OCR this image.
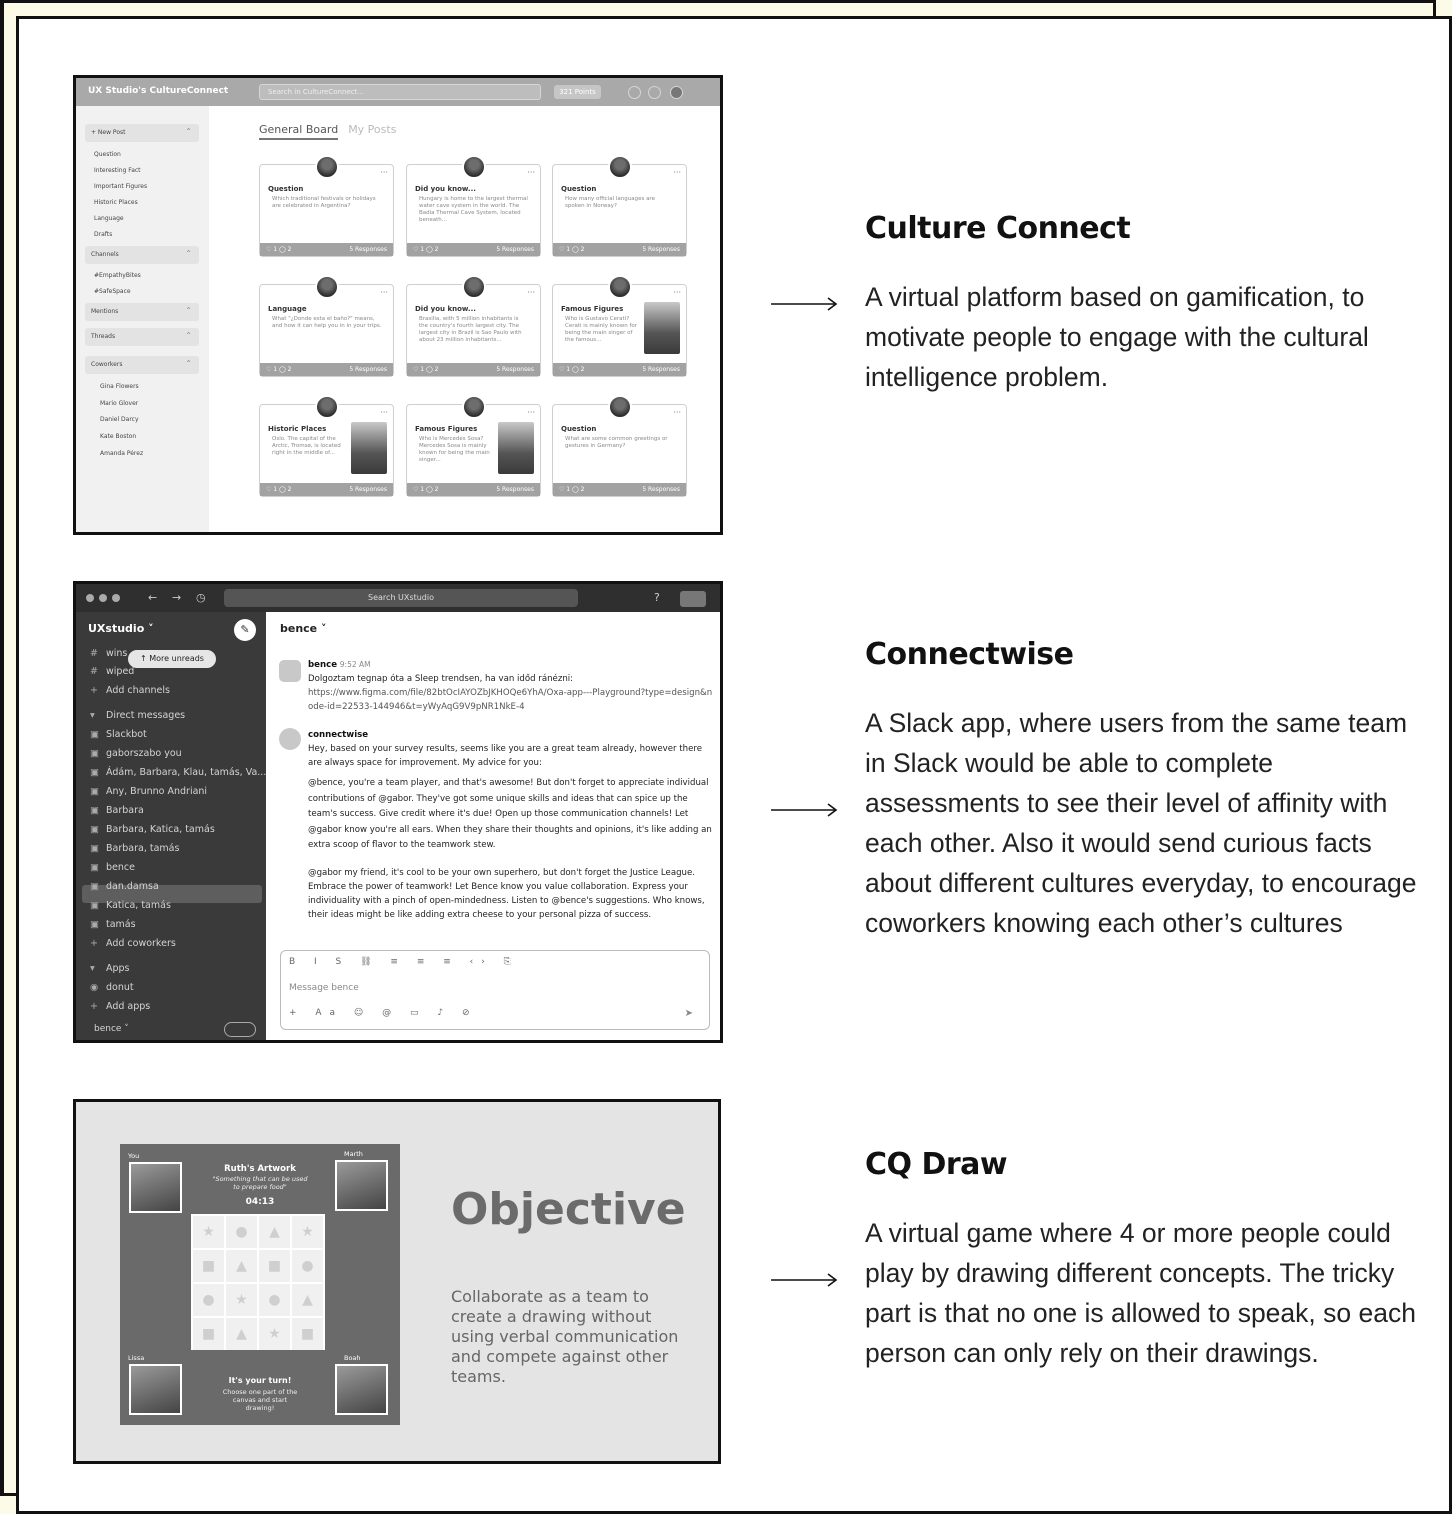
UX Studio's CultureConnect	Search in CultureConnect...	321 Points
+ New Post ⌃
Question
Interesting Fact
Important Figures
Historic Places
Language
Drafts
Channels ⌃
#EmpathyBites
#SafeSpace
Mentions ⌃
Threads ⌃
Coworkers ⌃
Gina Flowers
Mario Glover
Daniel Darcy
Kate Boston
Amanda Pérez
General Board My Posts
···
Question
Which traditional festivals or holidays are celebrated in Argentina?
♡ 1 ◯ 2	5 Responses
···
Did you know...
Hungary is home to the largest thermal water cave system in the world. The Badia Thermal Cave System, located beneath...
♡ 1 ◯ 2	5 Responses
···
Question
How many official languages are spoken in Norway?
♡ 1 ◯ 2	5 Responses
···
Language
What "¿Donde esta el baño?" means, and how it can help you in in your trips.
♡ 1 ◯ 2	5 Responses
···
Did you know...
Brasilia, with 5 million inhabitants is the country's fourth largest city. The largest city in Brazil is Sao Paulo with about 23 million inhabitants...
♡ 1 ◯ 2	5 Responses
···
Famous Figures
Who is Gustavo Cerati? Cerati is mainly known for being the main singer of the famous...
♡ 1 ◯ 2	5 Responses
···
Historic Places
Oslo. The capital of the Arctic, Tromsø, is located right in the middle of...
♡ 1 ◯ 2	5 Responses
···
Famous Figures
Who is Mercedes Sosa? Mercedes Sosa is mainly known for being the main singer...
♡ 1 ◯ 2	5 Responses
···
Question
What are some common greetings or gestures in Germany?
♡ 1 ◯ 2	5 Responses
Culture Connect
A virtual platform based on gamification, to motivate people to engage with the cultural intelligence problem.
← → ◷	Search UXstudio	?
UXstudio ˅	✎
# wins
# wiped
+ Add channels
▾ Direct messages
▣ Slackbot
▣ gaborszabo you
▣ Ádám, Barbara, Klau, tamás, Va...
▣ Any, Brunno Andriani
▣ Barbara
▣ Barbara, Katica, tamás
▣ Barbara, tamás
▣ bence
▣ dan.damsa
▣ Katica, tamás
▣ tamás
+ Add coworkers
▾ Apps
◉ donut
+ Add apps
↑ More unreads
bence ˅
bence ˅
bence 9:52 AM
Dolgoztam tegnap óta a Sleep trendsen, ha van időd ránézni:
https://www.figma.com/file/82btOcIAYOZbJKHOQe6YhA/Oxa-app---Playground?type=design&node-id=22533-144946&t=yWyAqG9V9pNR1NkE-4
connectwise
Hey, based on your survey results, seems like you are a great team already, however there are always space for improvement. My advice for you:
@bence, you're a team player, and that's awesome! But don't forget to appreciate individual contributions of @gabor. They've got some unique skills and ideas that can spice up the team's success. Give credit where it's due! Open up those communication channels! Let @gabor know you're all ears. When they share their thoughts and opinions, it's like adding an extra scoop of flavor to the teamwork stew.
@gabor my friend, it's cool to be your own superhero, but don't forget the Justice League. Embrace the power of teamwork! Let Bence know you value collaboration. Express your individuality with a pinch of open-mindedness. Listen to @bence's suggestions. Who knows, their ideas might be like adding extra cheese to your personal pizza of success.
B I S ⛓ ≡ ≡ ≡ ‹› ⎘
Message bence
+ Aa ☺ @ ▭ ♪ ⊘	➤
Connectwise
A Slack app, where users from the same team in Slack would be able to complete assessments to see their level of affinity with each other. Also it would send curious facts about different cultures everyday, to encourage coworkers knowing each other’s cultures
You	Marth
Ruth's Artwork
"Something that can be used to prepare food"
04:13
★	●	▲	★
■	▲	■	●
●	★	●	▲
■	▲	★	■
Lissa	Boah
It's your turn!
Choose one part of the canvas and start drawing!
Objective
Collaborate as a team to create a drawing without using verbal communication and compete against other teams.
CQ Draw
A virtual game where 4 or more people could play by drawing different concepts. The tricky part is that no one is allowed to speak, so each person can only rely on their drawings.
